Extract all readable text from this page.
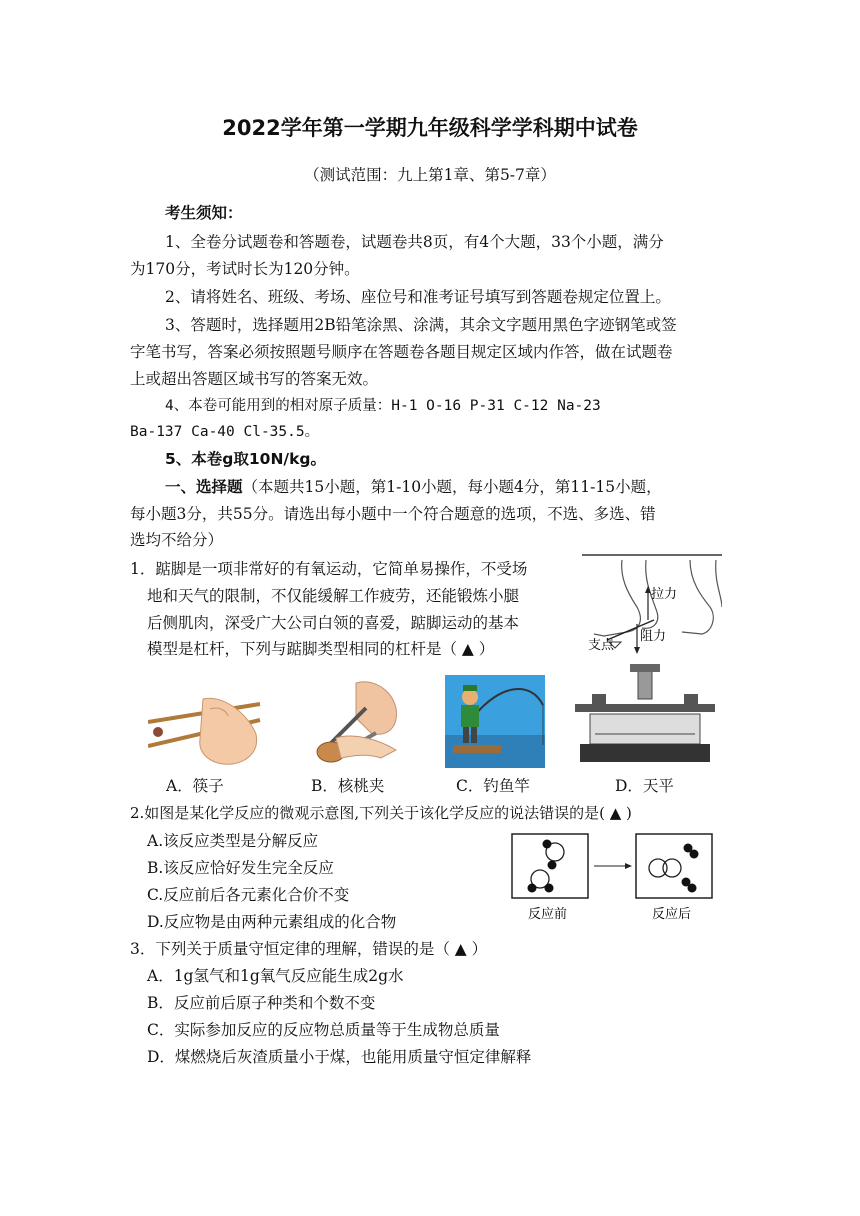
2022学年第一学期九年级科学学科期中试卷
（测试范围：九上第1章、第5-7章）
考生须知：
1、全卷分试题卷和答题卷，试题卷共8页，有4个大题，33个小题，满分
为170分，考试时长为120分钟。
2、请将姓名、班级、考场、座位号和准考证号填写到答题卷规定位置上。
3、答题时，选择题用2B铅笔涂黑、涂满，其余文字题用黑色字迹钢笔或签
字笔书写，答案必须按照题号顺序在答题卷各题目规定区域内作答，做在试题卷
上或超出答题区域书写的答案无效。
4、本卷可能用到的相对原子质量：H-1 O-16 P-31 C-12 Na-23
Ba-137 Ca-40 Cl-35.5。
5、本卷g取10N/kg。
一、选择题（本题共15小题，第1-10小题，每小题4分，第11-15小题，
每小题3分，共55分。请选出每小题中一个符合题意的选项，不选、多选、错
选均不给分）
1．踮脚是一项非常好的有氧运动，它简单易操作，不受场
地和天气的限制，不仅能缓解工作疲劳，还能锻炼小腿
后侧肌肉，深受广大公司白领的喜爱，踮脚运动的基本
模型是杠杆，下列与踮脚类型相同的杠杆是（ ▲ ）
拉力
阻力
支点
A．筷子	B．核桃夹	C．钓鱼竿	D．天平
2.如图是某化学反应的微观示意图,下列关于该化学反应的说法错误的是( ▲ )
A.该反应类型是分解反应
B.该反应恰好发生完全反应
C.反应前后各元素化合价不变
D.反应物是由两种元素组成的化合物	反应前	反应后
3．下列关于质量守恒定律的理解，错误的是（ ▲ ）
A．1g氢气和1g氧气反应能生成2g水
B．反应前后原子种类和个数不变
C．实际参加反应的反应物总质量等于生成物总质量
D．煤燃烧后灰渣质量小于煤，也能用质量守恒定律解释
